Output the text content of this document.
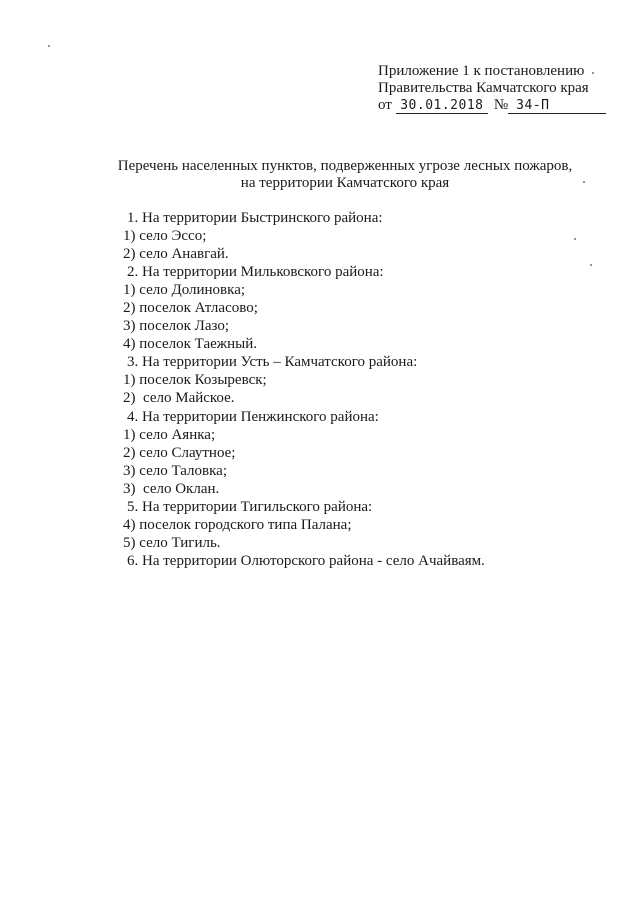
Приложение 1 к постановлению
Правительства Камчатского края
от 30.01.2018 № 34-П
Перечень населенных пунктов, подверженных угрозе лесных пожаров,
на территории Камчатского края
1. На территории Быстринского района:
1) село Эссо;
2) село Анавгай.
2. На территории Мильковского района:
1) село Долиновка;
2) поселок Атласово;
3) поселок Лазо;
4) поселок Таежный.
3. На территории Усть – Камчатского района:
1) поселок Козыревск;
2)  село Майское.
4. На территории Пенжинского района:
1) село Аянка;
2) село Слаутное;
3) село Таловка;
3)  село Оклан.
5. На территории Тигильского района:
4) поселок городского типа Палана;
5) село Тигиль.
6. На территории Олюторского района - село Ачайваям.
